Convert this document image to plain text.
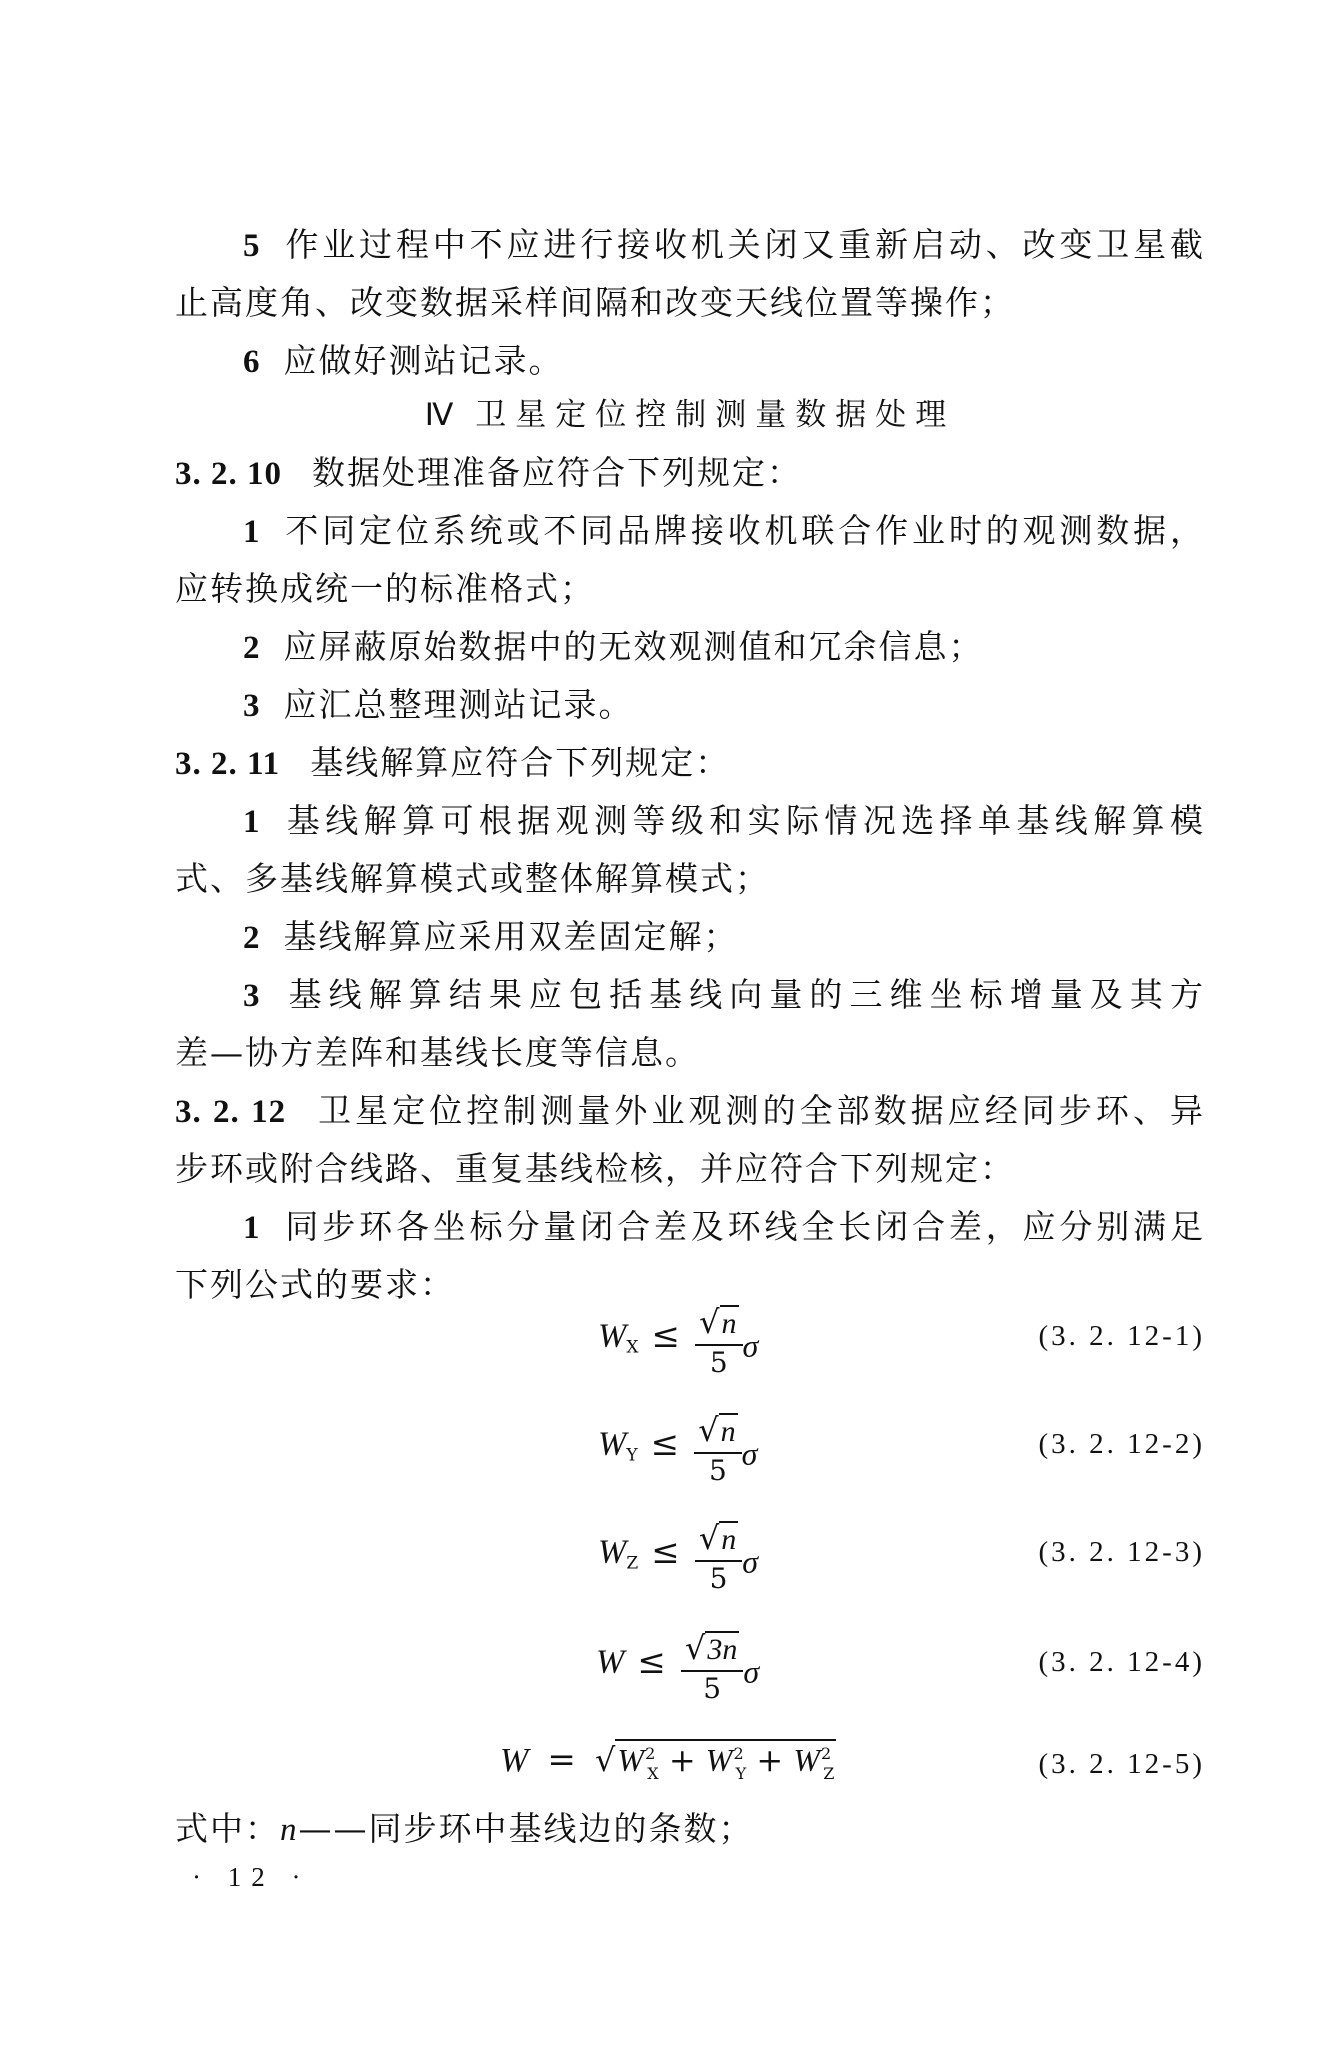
5 作业过程中不应进行接收机关闭又重新启动、改变卫星截
止高度角、改变数据采样间隔和改变天线位置等操作；
6 应做好测站记录。
Ⅳ 卫星定位控制测量数据处理
3. 2. 10 数据处理准备应符合下列规定：
1 不同定位系统或不同品牌接收机联合作业时的观测数据，
应转换成统一的标准格式；
2 应屏蔽原始数据中的无效观测值和冗余信息；
3 应汇总整理测站记录。
3. 2. 11 基线解算应符合下列规定：
1 基线解算可根据观测等级和实际情况选择单基线解算模
式、多基线解算模式或整体解算模式；
2 基线解算应采用双差固定解；
3 基线解算结果应包括基线向量的三维坐标增量及其方
差—协方差阵和基线长度等信息。
3. 2. 12 卫星定位控制测量外业观测的全部数据应经同步环、异
步环或附合线路、重复基线检核，并应符合下列规定：
1 同步环各坐标分量闭合差及环线全长闭合差，应分别满足
下列公式的要求：
WX ≤ $\frac{√n}{5}$ σ	(3. 2. 12-1)
WY ≤ $\frac{√n}{5}$ σ	(3. 2. 12-2)
WZ ≤ $\frac{√n}{5}$ σ	(3. 2. 12-3)
$W \le \frac{√3n}{5}$ σ	(3. 2. 12-4)
$W = √W^2_X + W^2_Y + W^2_Z$	(3. 2. 12-5)
式中：n——同步环中基线边的条数；
· 12 ·
